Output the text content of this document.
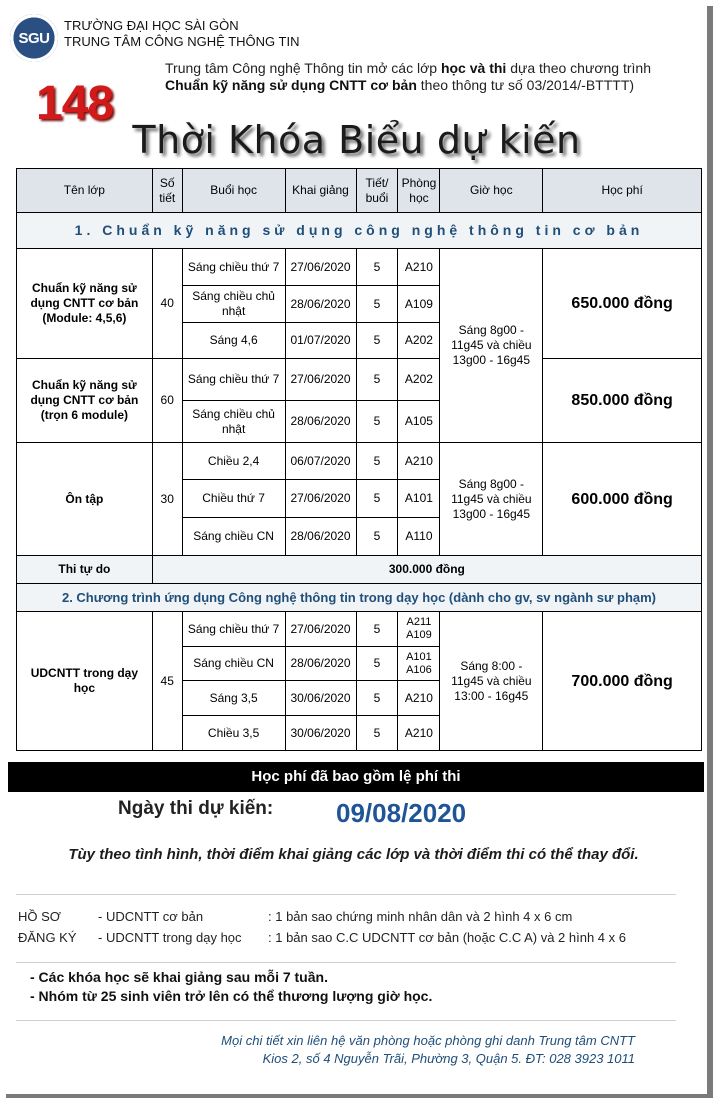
SGU
TRƯỜNG ĐẠI HỌC SÀI GÒN
TRUNG TÂM CÔNG NGHỆ THÔNG TIN
148
Trung tâm Công nghệ Thông tin mở các lớp học và thi dựa theo chương trình Chuẩn kỹ năng sử dụng CNTT cơ bản theo thông tư số 03/2014/-BTTTT)
Thời Khóa Biểu dự kiến
Tên lớp	Số tiết	Buổi học	Khai giảng	Tiết/ buổi	Phòng học	Giờ học	Học phí
1. Chuẩn kỹ năng sử dụng công nghệ thông tin cơ bản							
Chuẩn kỹ năng sử dụng CNTT cơ bản (Module: 4,5,6)	40	Sáng chiều thứ 7	27/06/2020	5	A210	Sáng 8g00 - 11g45 và chiều 13g00 - 16g45	650.000 đồng
		Sáng chiều chủ nhật	28/06/2020	5	A109		
		Sáng 4,6	01/07/2020	5	A202		
Chuẩn kỹ năng sử dụng CNTT cơ bản (trọn 6 module)	60	Sáng chiều thứ 7	27/06/2020	5	A202		850.000 đồng
		Sáng chiều chủ nhật	28/06/2020	5	A105		
Ôn tập	30	Chiều 2,4	06/07/2020	5	A210	Sáng 8g00 - 11g45 và chiều 13g00 - 16g45	600.000 đồng
		Chiều thứ 7	27/06/2020	5	A101		
		Sáng chiều CN	28/06/2020	5	A110		
Thi tự do	300.000 đồng						
2. Chương trình ứng dụng Công nghệ thông tin trong dạy học (dành cho gv, sv ngành sư phạm)							
UDCNTT trong dạy học	45	Sáng chiều thứ 7	27/06/2020	5	A211 A109	Sáng 8:00 - 11g45 và chiều 13:00 - 16g45	700.000 đồng
		Sáng chiều CN	28/06/2020	5	A101 A106		
		Sáng 3,5	30/06/2020	5	A210		
		Chiều 3,5	30/06/2020	5	A210		
Học phí đã bao gồm lệ phí thi
Ngày thi dự kiến: 09/08/2020
Tùy theo tình hình, thời điểm khai giảng các lớp và thời điểm thi có thể thay đổi.
HỒ SƠ	- UDCNTT cơ bản	: 1 bản sao chứng minh nhân dân và 2 hình 4 x 6 cm
ĐĂNG KÝ	- UDCNTT trong dạy học	: 1 bản sao C.C UDCNTT cơ bản (hoặc C.C A) và 2 hình 4 x 6
- Các khóa học sẽ khai giảng sau mỗi 7 tuần.
- Nhóm từ 25 sinh viên trở lên có thể thương lượng giờ học.
Mọi chi tiết xin liên hệ văn phòng hoặc phòng ghi danh Trung tâm CNTT
Kios 2, số 4 Nguyễn Trãi, Phường 3, Quận 5. ĐT: 028 3923 1011
